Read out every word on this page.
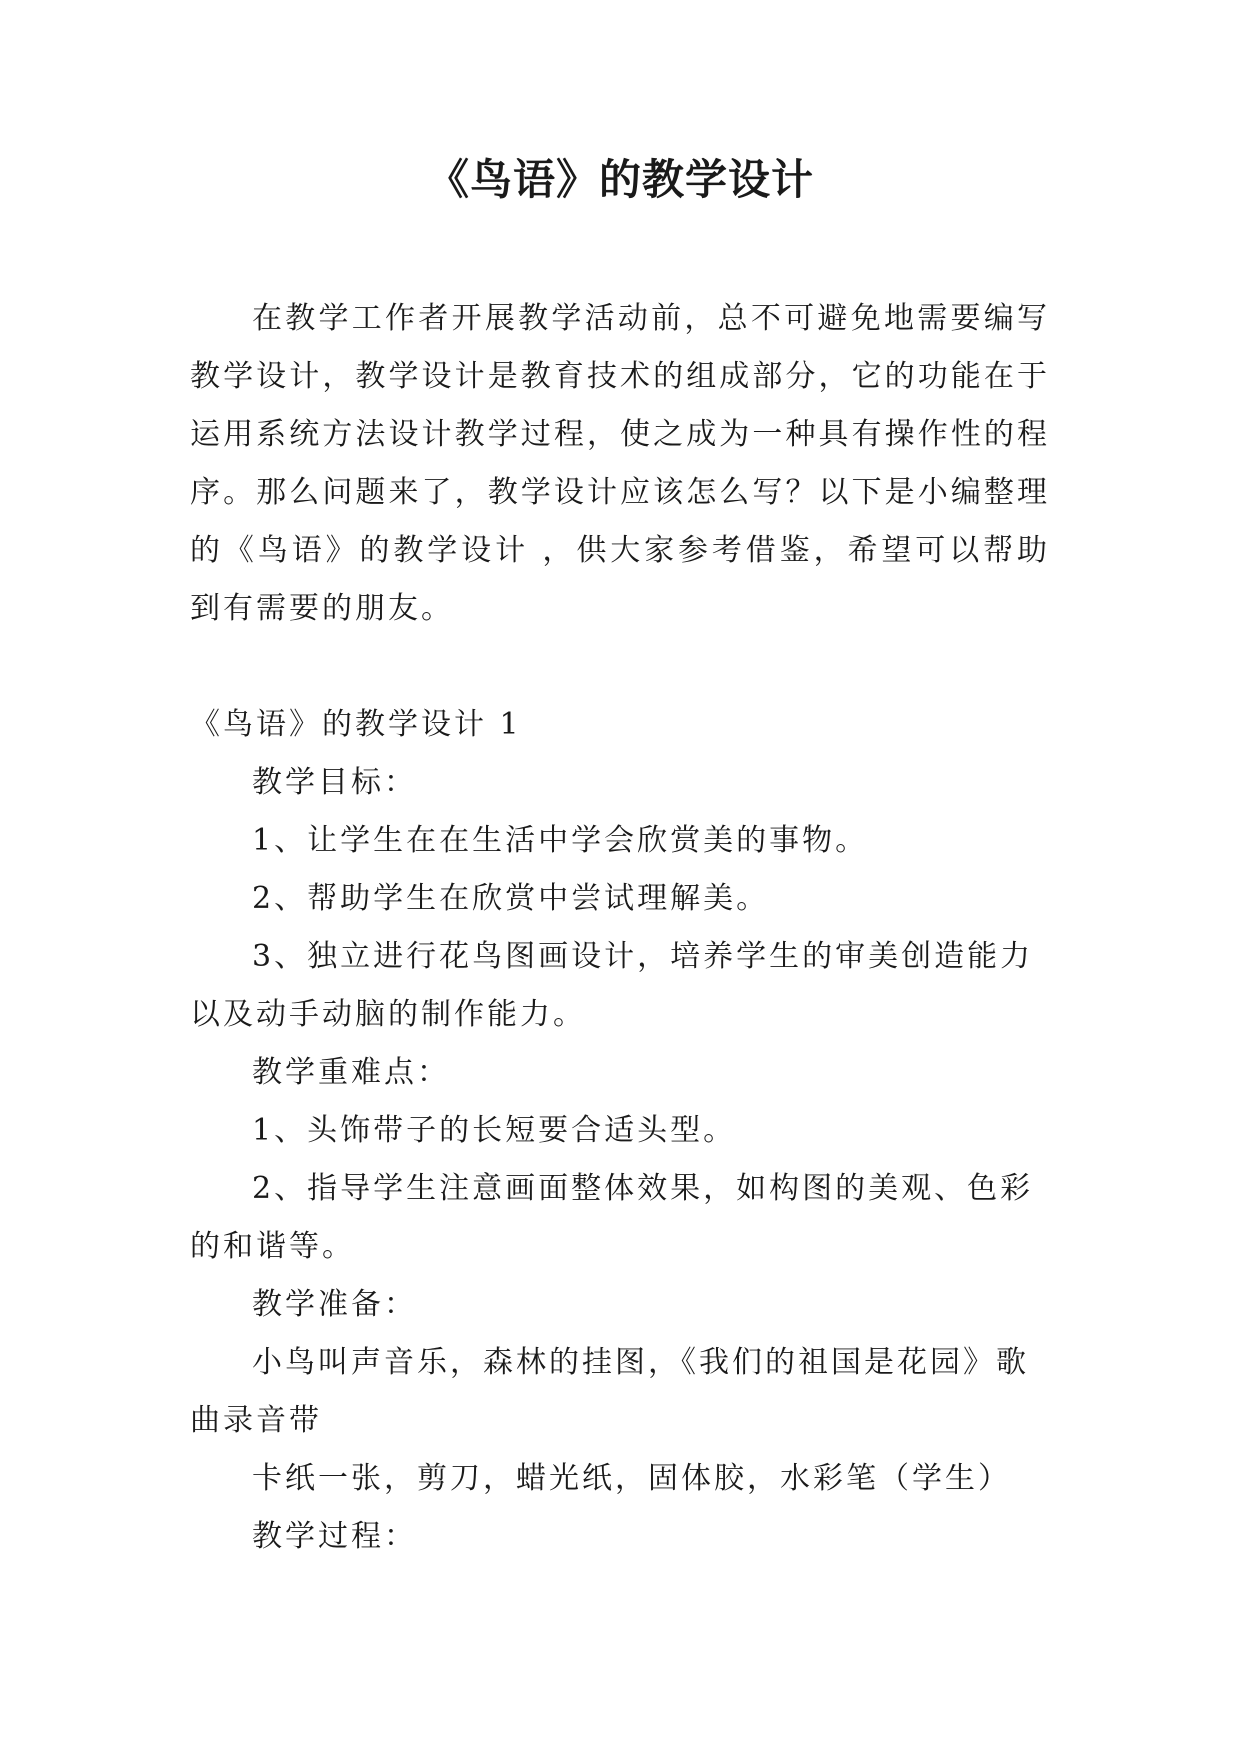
《鸟语》的教学设计

在教学工作者开展教学活动前，总不可避免地需要编写教学设计，教学设计是教育技术的组成部分，它的功能在于运用系统方法设计教学过程，使之成为一种具有操作性的程序。那么问题来了，教学设计应该怎么写？以下是小编整理的《鸟语》的教学设计 ，供大家参考借鉴，希望可以帮助到有需要的朋友。

《鸟语》的教学设计 1

教学目标：

1、让学生在在生活中学会欣赏美的事物。

2、帮助学生在欣赏中尝试理解美。

3、独立进行花鸟图画设计，培养学生的审美创造能力以及动手动脑的制作能力。

教学重难点：

1、头饰带子的长短要合适头型。

2、指导学生注意画面整体效果，如构图的美观、色彩的和谐等。

教学准备：

小鸟叫声音乐，森林的挂图，《我们的祖国是花园》歌曲录音带

卡纸一张，剪刀，蜡光纸，固体胶，水彩笔（学生）

教学过程：
